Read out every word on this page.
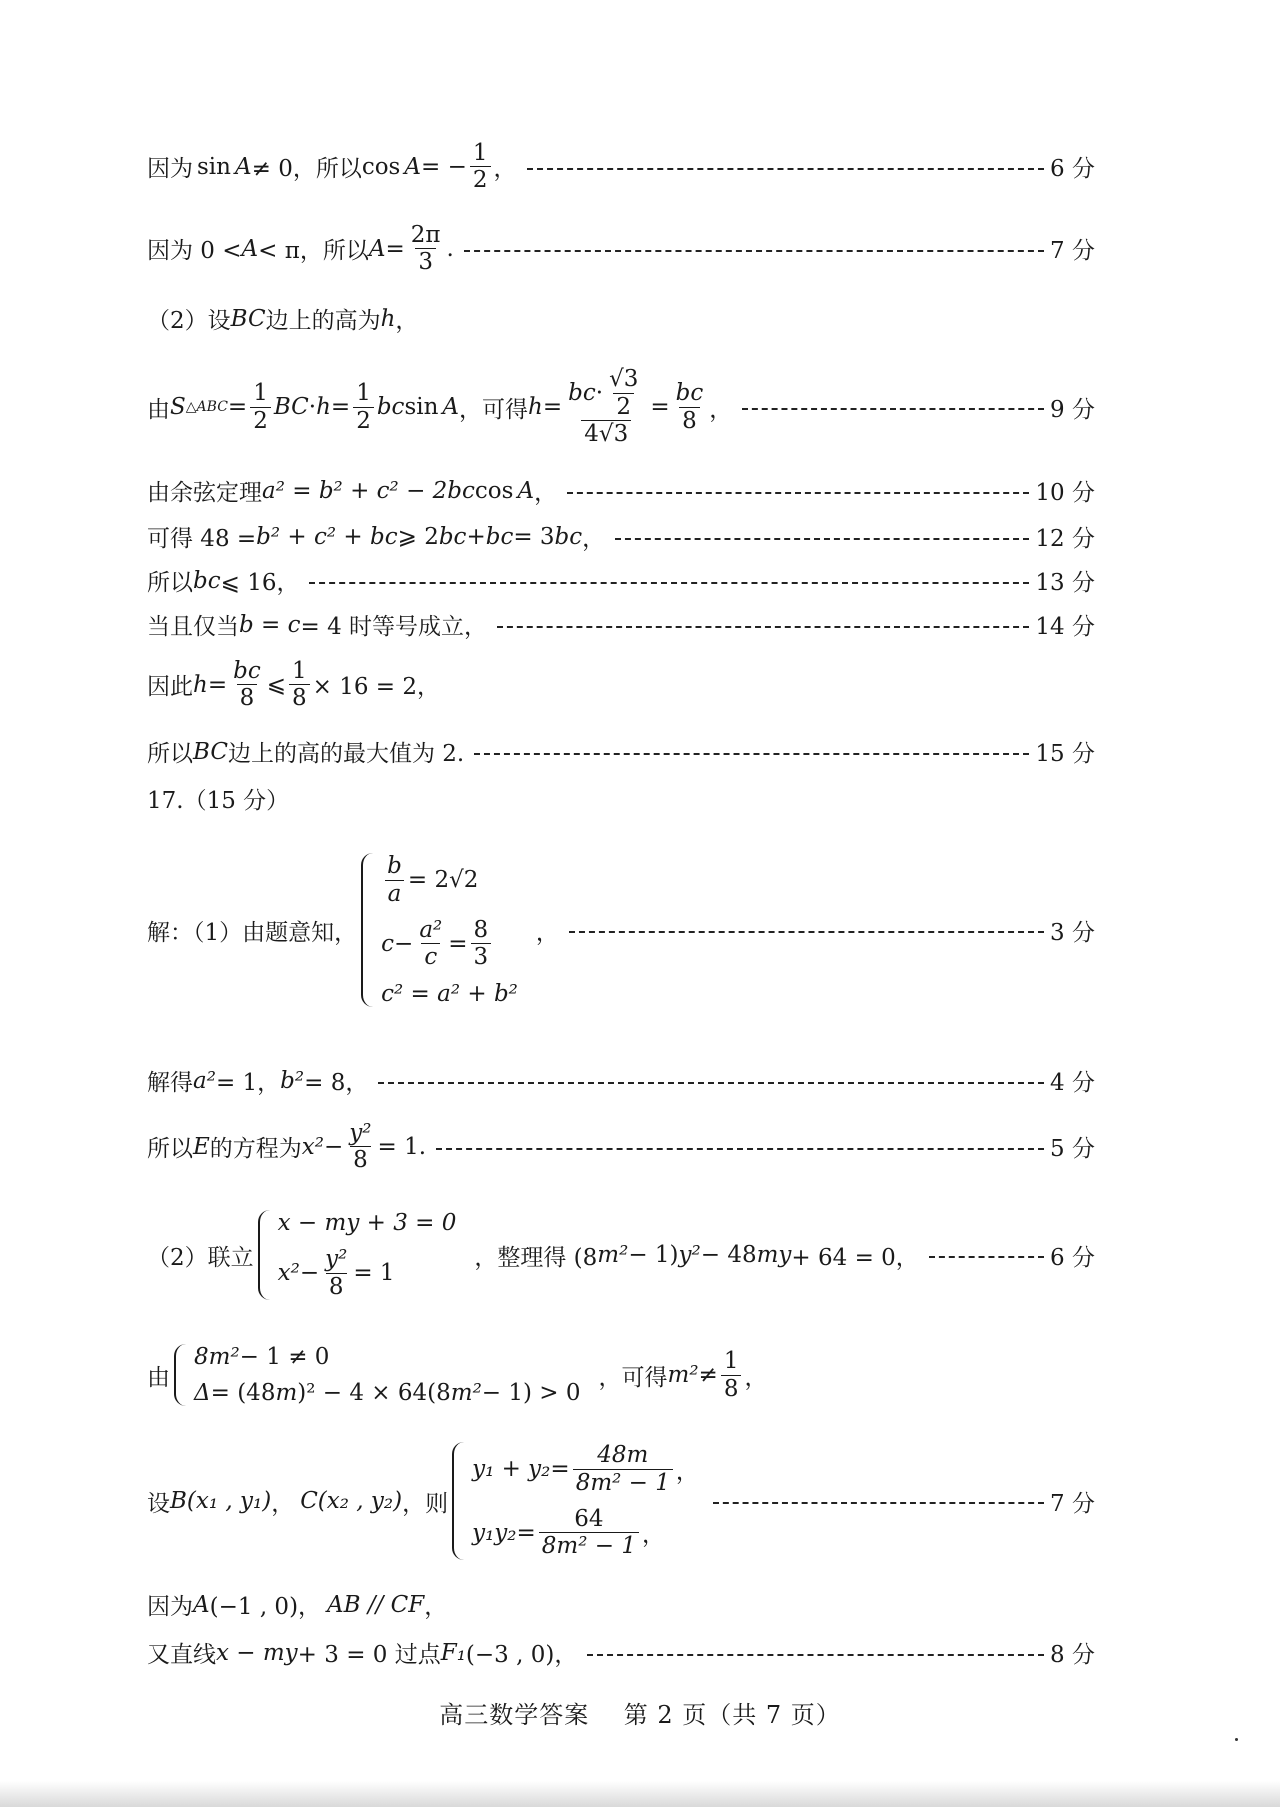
因为 sin A ≠ 0，所以 cos A = − $\frac{1}{2}$ ，	6 分
因为 0 < A < π，所以 $A = \frac{2\pi}{3}$ .	7 分
（2）设 BC 边上的高为 h ，
由 S △ABC = $\frac{1}{2}$ BC · $h = \frac{1}{2}$ bc sin A ，可得 $h = \frac{bc \cdot \frac{√3}{2}}{4√3} = \frac{bc}{8}$ ，	9 分
由余弦定理 a² = b² + c² − 2bc cos A ，	10 分
可得 48 = b² + c² + bc ⩾ 2 bc + bc = 3 bc ，	12 分
所以 bc ⩽ 16，	13 分
当且仅当 b = c = 4 时等号成立，	14 分
因此 $h = \frac{bc}{8}$ ⩽ $\frac{1}{8} \times 16 = 2$，
所以 BC 边上的高的最大值为 2.	15 分
17.（15 分）
解：（1）由题意知，
$\frac{b}{a} = 2√2$
$c - \frac{\text{a²}}{c} = \frac{8}{3}$
c² = a² + b²
，	3 分
解得 a² = 1， b² = 8，	4 分
所以 E 的方程为 $x^2 - \frac{\text{y²}}{8} = 1$.	5 分
（2）联立
x − my + 3 = 0
$x^2 - \frac{\text{y²}}{8} = 1$
，整理得 (8 m² − 1) y² − 48 my + 64 = 0，	6 分
由
8m² − 1 ≠ 0
Δ = (48 m )² − 4 × 64(8 m² − 1) > 0
，可得 $m^2 \ne \frac{1}{8}$ ，
设 B(x₁ , y₁) ， C(x₂ , y₂) ，则
$y_1 + y_2 = \frac{48m}{\text{8m² − 1}}$ ，
$y_1y_2 = \frac{64}{\text{8m² − 1}}$ ，
7 分
因为 A (−1 , 0)， AB // CF ，
又直线 x − my + 3 = 0 过点 F₁ (−3 , 0)，	8 分
高三数学答案    第 2 页（共 7 页）
